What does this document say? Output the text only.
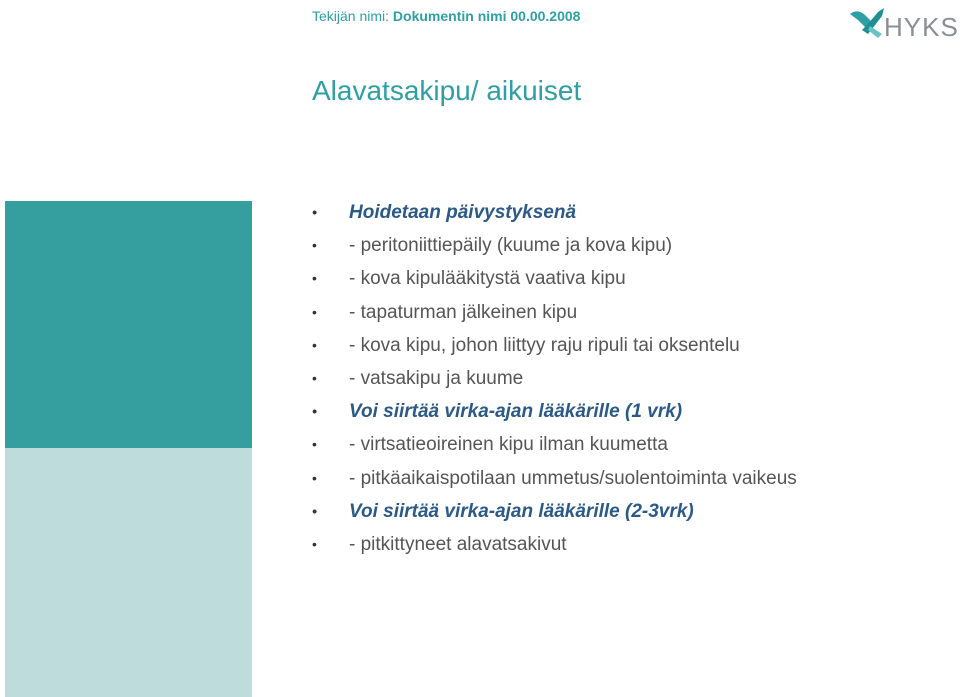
Tekijän nimi: Dokumentin nimi 00.00.2008	HYKS
Alavatsakipu/ aikuiset
• Hoidetaan päivystyksenä
• - peritoniittiepäily (kuume ja kova kipu)
• - kova kipulääkitystä vaativa kipu
• - tapaturman jälkeinen kipu
• - kova kipu, johon liittyy raju ripuli tai oksentelu
• - vatsakipu ja kuume
• Voi siirtää virka-ajan lääkärille (1 vrk)
• - virtsatieoireinen kipu ilman kuumetta
• - pitkäaikaispotilaan ummetus/suolentoiminta vaikeus
• Voi siirtää virka-ajan lääkärille (2-3vrk)
• - pitkittyneet alavatsakivut
